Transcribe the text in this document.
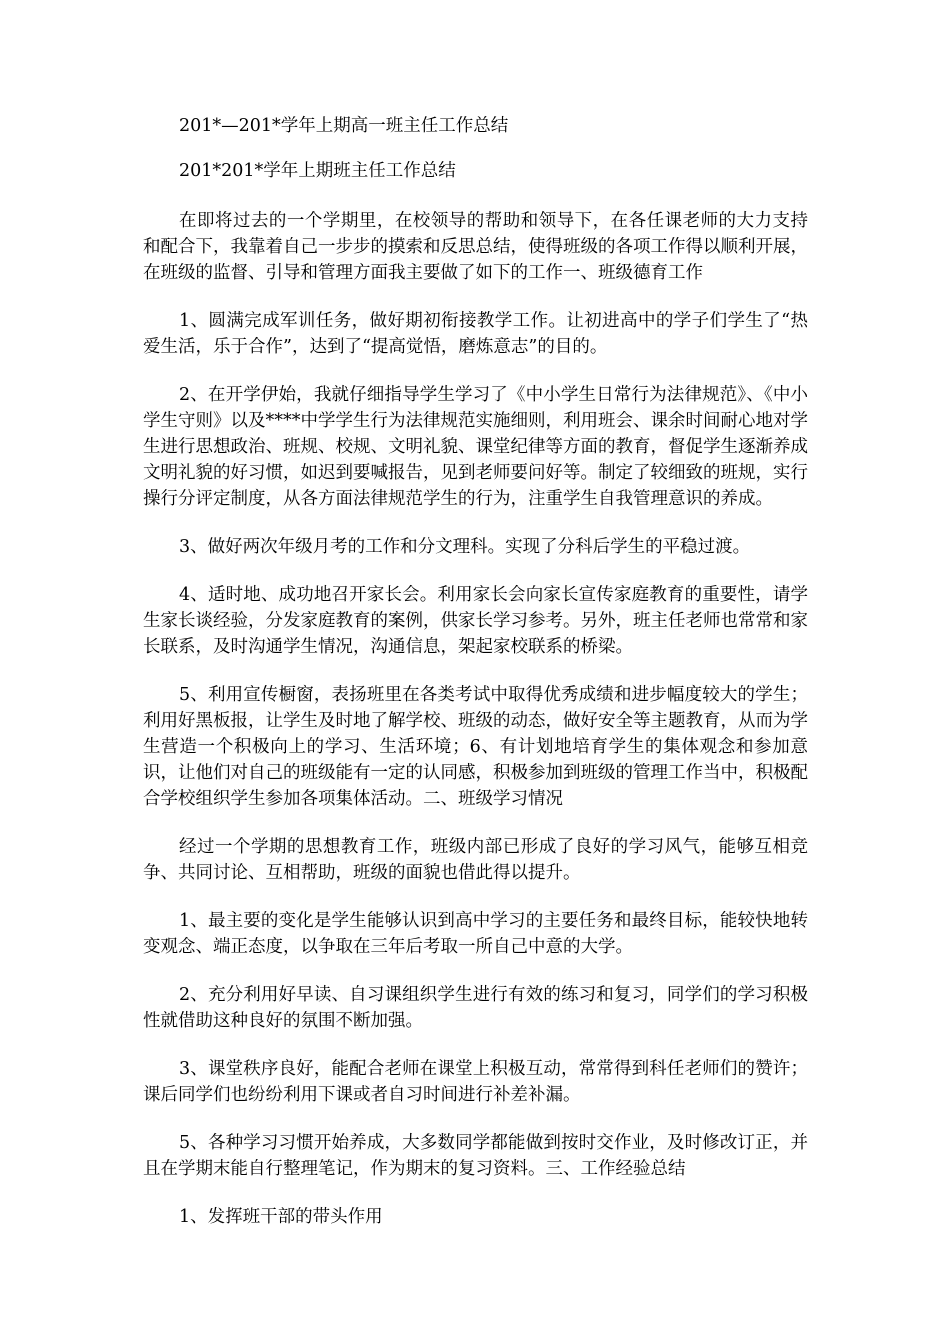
201*—201*学年上期高一班主任工作总结

201*201*学年上期班主任工作总结

在即将过去的一个学期里，在校领导的帮助和领导下，在各任课老师的大力支持和配合下，我靠着自己一步步的摸索和反思总结，使得班级的各项工作得以顺利开展，在班级的监督、引导和管理方面我主要做了如下的工作一、班级德育工作

1、圆满完成军训任务，做好期初衔接教学工作。让初进高中的学子们学生了“热爱生活，乐于合作”，达到了“提高觉悟，磨炼意志”的目的。

2、在开学伊始，我就仔细指导学生学习了《中小学生日常行为法律规范》、《中小学生守则》以及****中学学生行为法律规范实施细则，利用班会、课余时间耐心地对学生进行思想政治、班规、校规、文明礼貌、课堂纪律等方面的教育，督促学生逐渐养成文明礼貌的好习惯，如迟到要喊报告，见到老师要问好等。制定了较细致的班规，实行操行分评定制度，从各方面法律规范学生的行为，注重学生自我管理意识的养成。

3、做好两次年级月考的工作和分文理科。实现了分科后学生的平稳过渡。

4、适时地、成功地召开家长会。利用家长会向家长宣传家庭教育的重要性，请学生家长谈经验，分发家庭教育的案例，供家长学习参考。另外，班主任老师也常常和家长联系，及时沟通学生情况，沟通信息，架起家校联系的桥梁。

5、利用宣传橱窗，表扬班里在各类考试中取得优秀成绩和进步幅度较大的学生；利用好黑板报，让学生及时地了解学校、班级的动态，做好安全等主题教育，从而为学生营造一个积极向上的学习、生活环境；6、有计划地培育学生的集体观念和参加意识，让他们对自己的班级能有一定的认同感，积极参加到班级的管理工作当中，积极配合学校组织学生参加各项集体活动。二、班级学习情况

经过一个学期的思想教育工作，班级内部已形成了良好的学习风气，能够互相竞争、共同讨论、互相帮助，班级的面貌也借此得以提升。

1、最主要的变化是学生能够认识到高中学习的主要任务和最终目标，能较快地转变观念、端正态度，以争取在三年后考取一所自己中意的大学。

2、充分利用好早读、自习课组织学生进行有效的练习和复习，同学们的学习积极性就借助这种良好的氛围不断加强。

3、课堂秩序良好，能配合老师在课堂上积极互动，常常得到科任老师们的赞许；课后同学们也纷纷利用下课或者自习时间进行补差补漏。

5、各种学习习惯开始养成，大多数同学都能做到按时交作业，及时修改订正，并且在学期末能自行整理笔记，作为期末的复习资料。三、工作经验总结

1、发挥班干部的带头作用
